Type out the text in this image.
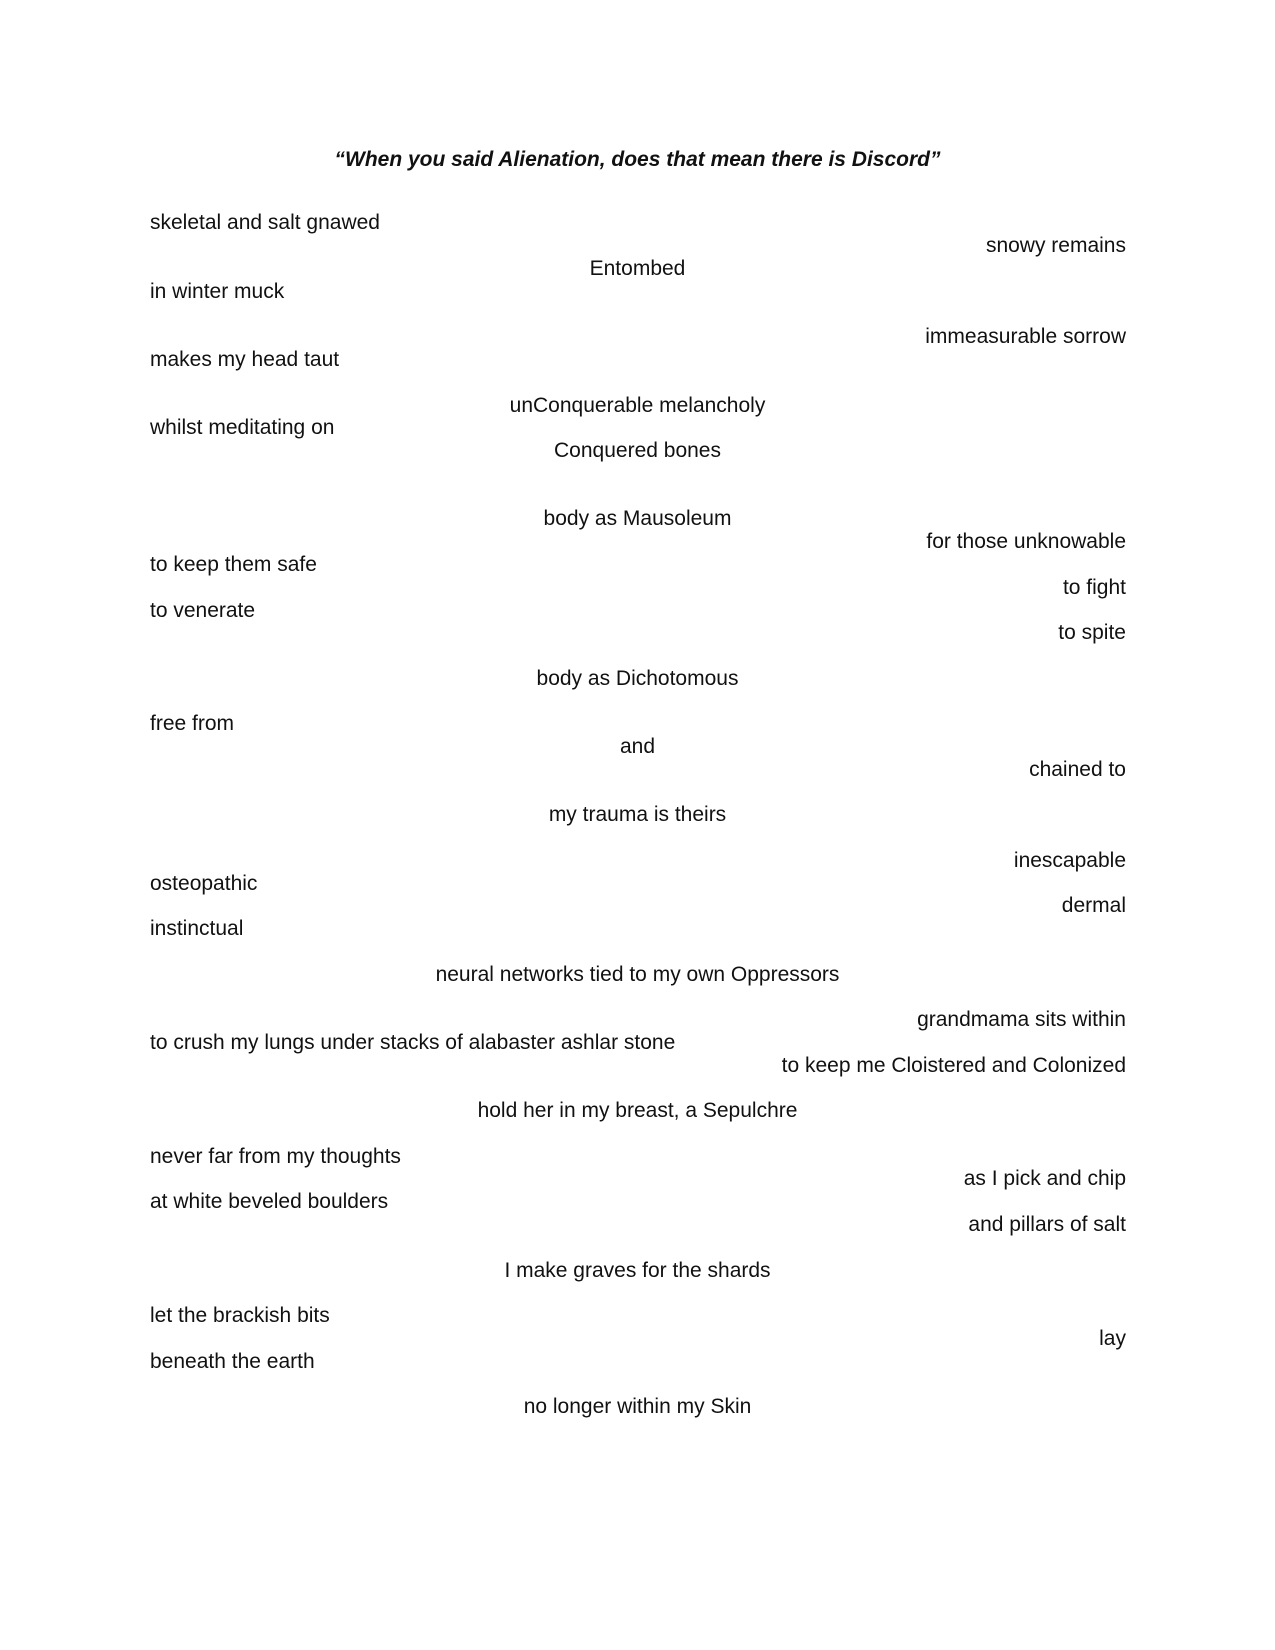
“When you said Alienation, does that mean there is Discord”
skeletal and salt gnawed
snowy remains
Entombed
in winter muck
immeasurable sorrow
makes my head taut
unConquerable melancholy
whilst meditating on
Conquered bones
body as Mausoleum
for those unknowable
to keep them safe
to fight
to venerate
to spite
body as Dichotomous
free from
and
chained to
my trauma is theirs
inescapable
osteopathic
dermal
instinctual
neural networks tied to my own Oppressors
grandmama sits within
to crush my lungs under stacks of alabaster ashlar stone
to keep me Cloistered and Colonized
hold her in my breast, a Sepulchre
never far from my thoughts
as I pick and chip
at white beveled boulders
and pillars of salt
I make graves for the shards
let the brackish bits
lay
beneath the earth
no longer within my Skin
